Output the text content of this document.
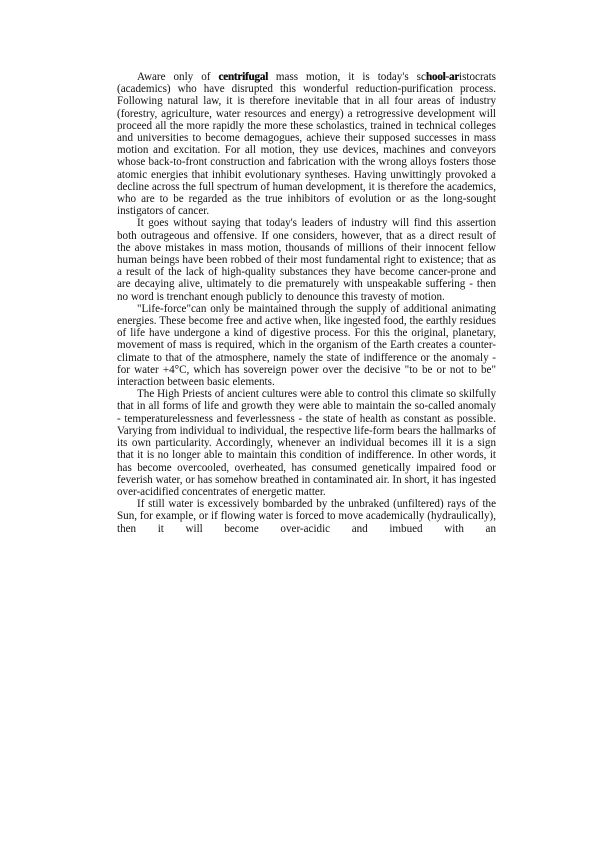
Aware only of centrifugal mass motion, it is today's school-aristocrats (academics) who have disrupted this wonderful reduction-purification process. Following natural law, it is therefore inevitable that in all four areas of industry (forestry, agriculture, water resources and energy) a retrogressive development will proceed all the more rapidly the more these scholastics, trained in technical colleges and universities to become demagogues, achieve their supposed successes in mass motion and excitation. For all motion, they use devices, machines and conveyors whose back-to-front construction and fabrication with the wrong alloys fosters those atomic energies that inhibit evolutionary syntheses. Having unwittingly provoked a decline across the full spectrum of human development, it is therefore the academics, who are to be regarded as the true inhibitors of evolution or as the long-sought instigators of cancer.

It goes without saying that today's leaders of industry will find this assertion both outrageous and offensive. If one considers, however, that as a direct result of the above mistakes in mass motion, thousands of millions of their innocent fellow human beings have been robbed of their most fundamental right to existence; that as a result of the lack of high-quality substances they have become cancer-prone and are decaying alive, ultimately to die prematurely with unspeakable suffering - then no word is trenchant enough publicly to denounce this travesty of motion.

"Life-force"can only be maintained through the supply of additional animating energies. These become free and active when, like ingested food, the earthly residues of life have undergone a kind of digestive process. For this the original, planetary, movement of mass is required, which in the organism of the Earth creates a counter-climate to that of the atmosphere, namely the state of indifference or the anomaly - for water +4°C, which has sovereign power over the decisive "to be or not to be" interaction between basic elements.

The High Priests of ancient cultures were able to control this climate so skilfully that in all forms of life and growth they were able to maintain the so-called anomaly - temperaturelessness and feverlessness - the state of health as constant as possible. Varying from individual to individual, the respective life-form bears the hallmarks of its own particularity. Accordingly, whenever an individual becomes ill it is a sign that it is no longer able to maintain this condition of indifference. In other words, it has become overcooled, overheated, has consumed genetically impaired food or feverish water, or has somehow breathed in contaminated air. In short, it has ingested over-acidified concentrates of energetic matter.

If still water is excessively bombarded by the unbraked (unfiltered) rays of the Sun, for example, or if flowing water is forced to move academically (hydraulically), then it will become over-acidic and imbued with an
